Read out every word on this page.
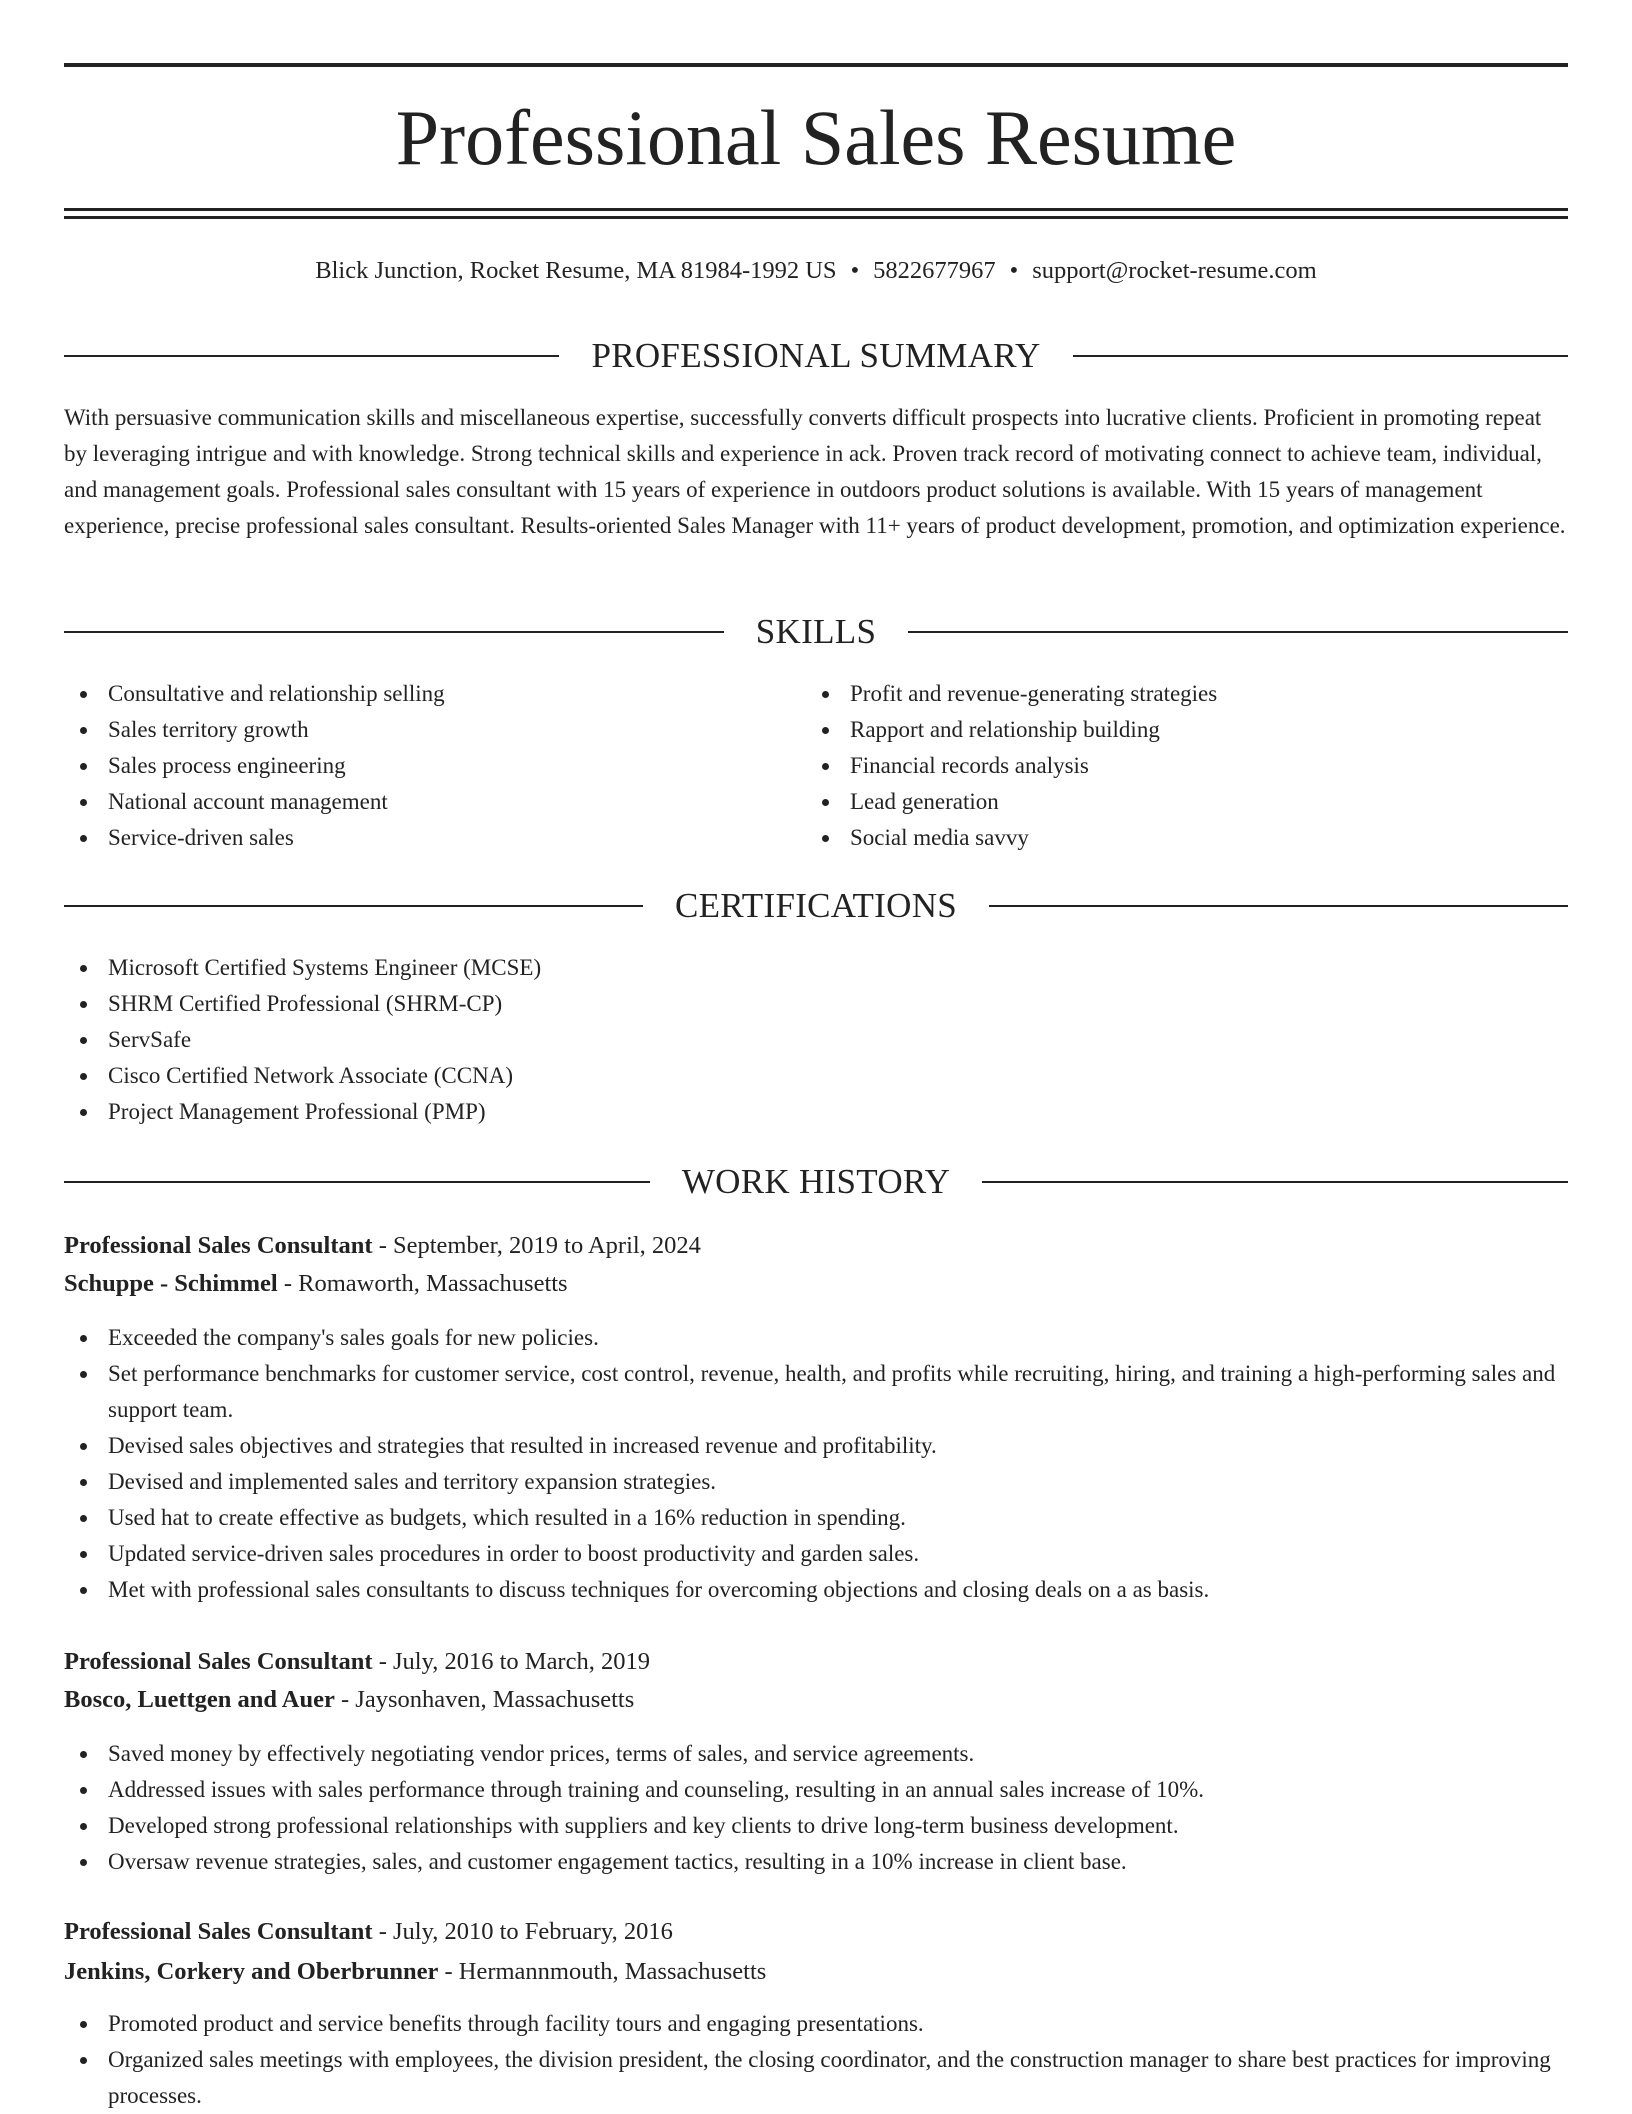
Professional Sales Resume
Blick Junction, Rocket Resume, MA 81984-1992 US • 5822677967 • support@rocket-resume.com
PROFESSIONAL SUMMARY

With persuasive communication skills and miscellaneous expertise, successfully converts difficult prospects into lucrative clients. Proficient in promoting repeat by leveraging intrigue and with knowledge. Strong technical skills and experience in ack. Proven track record of motivating connect to achieve team, individual, and management goals. Professional sales consultant with 15 years of experience in outdoors product solutions is available. With 15 years of management experience, precise professional sales consultant. Results-oriented Sales Manager with 11+ years of product development, promotion, and optimization experience.

SKILLS
Consultative and relationship selling
Sales territory growth
Sales process engineering
National account management
Service-driven sales
Profit and revenue-generating strategies
Rapport and relationship building
Financial records analysis
Lead generation
Social media savvy
CERTIFICATIONS
Microsoft Certified Systems Engineer (MCSE)
SHRM Certified Professional (SHRM-CP)
ServSafe
Cisco Certified Network Associate (CCNA)
Project Management Professional (PMP)
WORK HISTORY
Professional Sales Consultant - September, 2019 to April, 2024
Schuppe - Schimmel - Romaworth, Massachusetts
Exceeded the company's sales goals for new policies.
Set performance benchmarks for customer service, cost control, revenue, health, and profits while recruiting, hiring, and training a high-performing sales and support team.
Devised sales objectives and strategies that resulted in increased revenue and profitability.
Devised and implemented sales and territory expansion strategies.
Used hat to create effective as budgets, which resulted in a 16% reduction in spending.
Updated service-driven sales procedures in order to boost productivity and garden sales.
Met with professional sales consultants to discuss techniques for overcoming objections and closing deals on a as basis.
Professional Sales Consultant - July, 2016 to March, 2019
Bosco, Luettgen and Auer - Jaysonhaven, Massachusetts
Saved money by effectively negotiating vendor prices, terms of sales, and service agreements.
Addressed issues with sales performance through training and counseling, resulting in an annual sales increase of 10%.
Developed strong professional relationships with suppliers and key clients to drive long-term business development.
Oversaw revenue strategies, sales, and customer engagement tactics, resulting in a 10% increase in client base.
Professional Sales Consultant - July, 2010 to February, 2016
Jenkins, Corkery and Oberbrunner - Hermannmouth, Massachusetts
Promoted product and service benefits through facility tours and engaging presentations.
Organized sales meetings with employees, the division president, the closing coordinator, and the construction manager to share best practices for improving processes.
